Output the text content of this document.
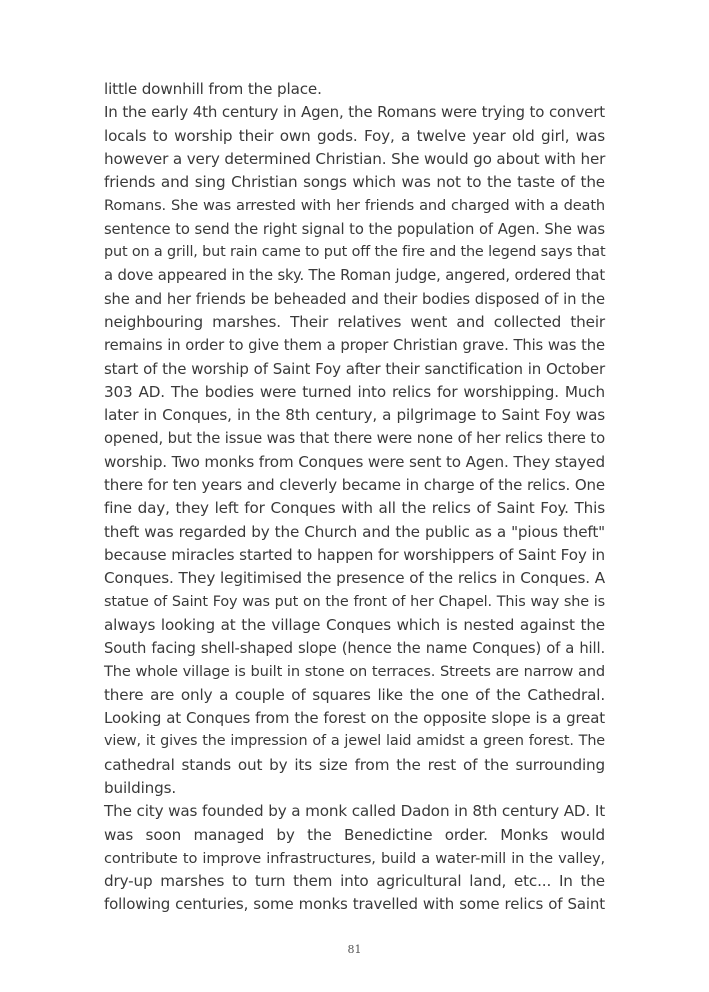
little downhill from the place.
In the early 4th century in Agen, the Romans were trying to convert
locals to worship their own gods. Foy, a twelve year old girl, was
however a very determined Christian. She would go about with her
friends and sing Christian songs which was not to the taste of the
Romans. She was arrested with her friends and charged with a death
sentence to send the right signal to the population of Agen. She was
put on a grill, but rain came to put off the fire and the legend says that
a dove appeared in the sky. The Roman judge, angered, ordered that
she and her friends be beheaded and their bodies disposed of in the
neighbouring marshes. Their relatives went and collected their
remains in order to give them a proper Christian grave. This was the
start of the worship of Saint Foy after their sanctification in October
303 AD. The bodies were turned into relics for worshipping. Much
later in Conques, in the 8th century, a pilgrimage to Saint Foy was
opened, but the issue was that there were none of her relics there to
worship. Two monks from Conques were sent to Agen. They stayed
there for ten years and cleverly became in charge of the relics. One
fine day, they left for Conques with all the relics of Saint Foy. This
theft was regarded by the Church and the public as a "pious theft"
because miracles started to happen for worshippers of Saint Foy in
Conques. They legitimised the presence of the relics in Conques. A
statue of Saint Foy was put on the front of her Chapel. This way she is
always looking at the village Conques which is nested against the
South facing shell-shaped slope (hence the name Conques) of a hill.
The whole village is built in stone on terraces. Streets are narrow and
there are only a couple of squares like the one of the Cathedral.
Looking at Conques from the forest on the opposite slope is a great
view, it gives the impression of a jewel laid amidst a green forest. The
cathedral stands out by its size from the rest of the surrounding
buildings.
The city was founded by a monk called Dadon in 8th century AD. It
was soon managed by the Benedictine order. Monks would
contribute to improve infrastructures, build a water-mill in the valley,
dry-up marshes to turn them into agricultural land, etc... In the
following centuries, some monks travelled with some relics of Saint
81
